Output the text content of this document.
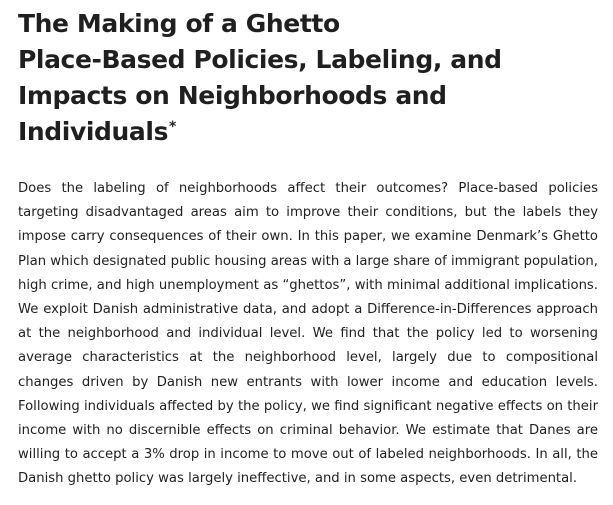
The Making of a Ghetto
Place-Based Policies, Labeling, and
Impacts on Neighborhoods and
Individuals*

Does the labeling of neighborhoods affect their outcomes? Place-based policies targeting disadvantaged areas aim to improve their conditions, but the labels they impose carry consequences of their own. In this paper, we examine Denmark’s Ghetto Plan which designated public housing areas with a large share of immigrant population, high crime, and high unemployment as “ghettos”, with minimal additional implications. We exploit Danish administrative data, and adopt a Difference-in-Differences approach at the neighborhood and individual level. We find that the policy led to worsening average characteristics at the neighborhood level, largely due to compositional changes driven by Danish new entrants with lower income and education levels. Following individuals affected by the policy, we find significant negative effects on their income with no discernible effects on criminal behavior. We estimate that Danes are willing to accept a 3% drop in income to move out of labeled neighborhoods. In all, the Danish ghetto policy was largely ineffective, and in some aspects, even detrimental.
